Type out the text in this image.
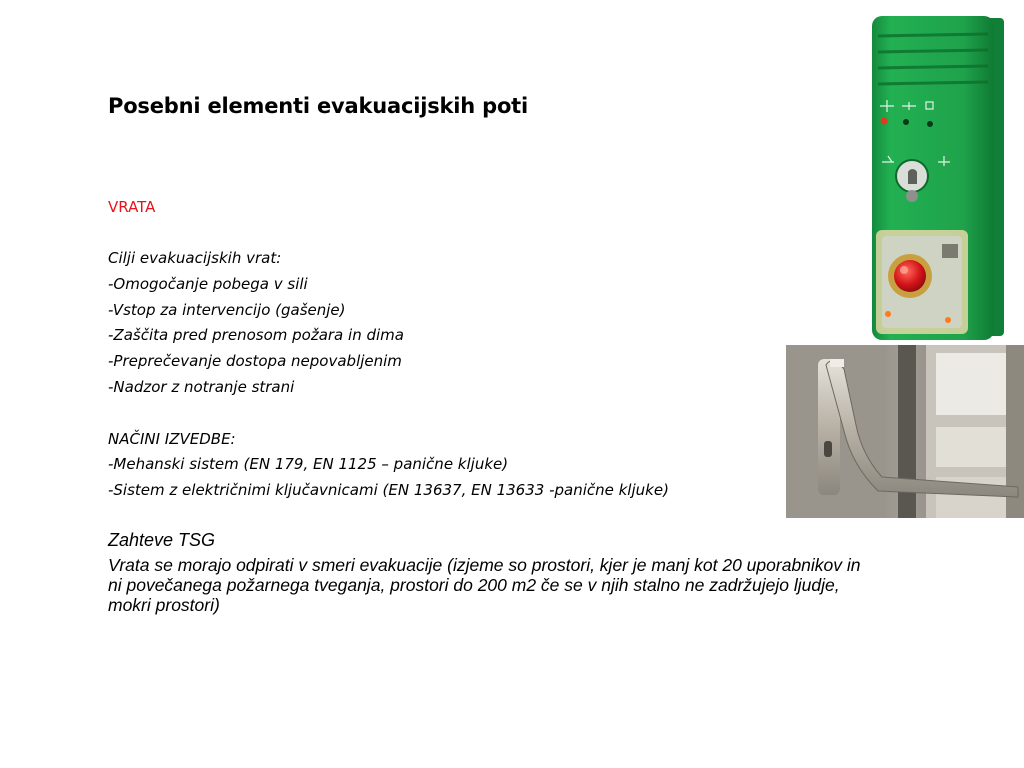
Posebni elementi evakuacijskih poti

VRATA

Cilji evakuacijskih vrat:
-Omogočanje pobega v sili
-Vstop za intervencijo (gašenje)
-Zaščita pred prenosom požara in dima
-Preprečevanje dostopa nepovabljenim
-Nadzor z notranje strani
NAČINI IZVEDBE:
-Mehanski sistem (EN 179, EN 1125 – panične kljuke)
-Sistem z električnimi ključavnicami (EN 13637, EN 13633 -panične kljuke)

Zahteve TSG

Vrata se morajo odpirati v smeri evakuacije (izjeme so prostori, kjer je manj kot 20 uporabnikov in ni povečanega požarnega tveganja, prostori do 200 m2 če se v njih stalno ne zadržujejo ljudje, mokri prostori)
